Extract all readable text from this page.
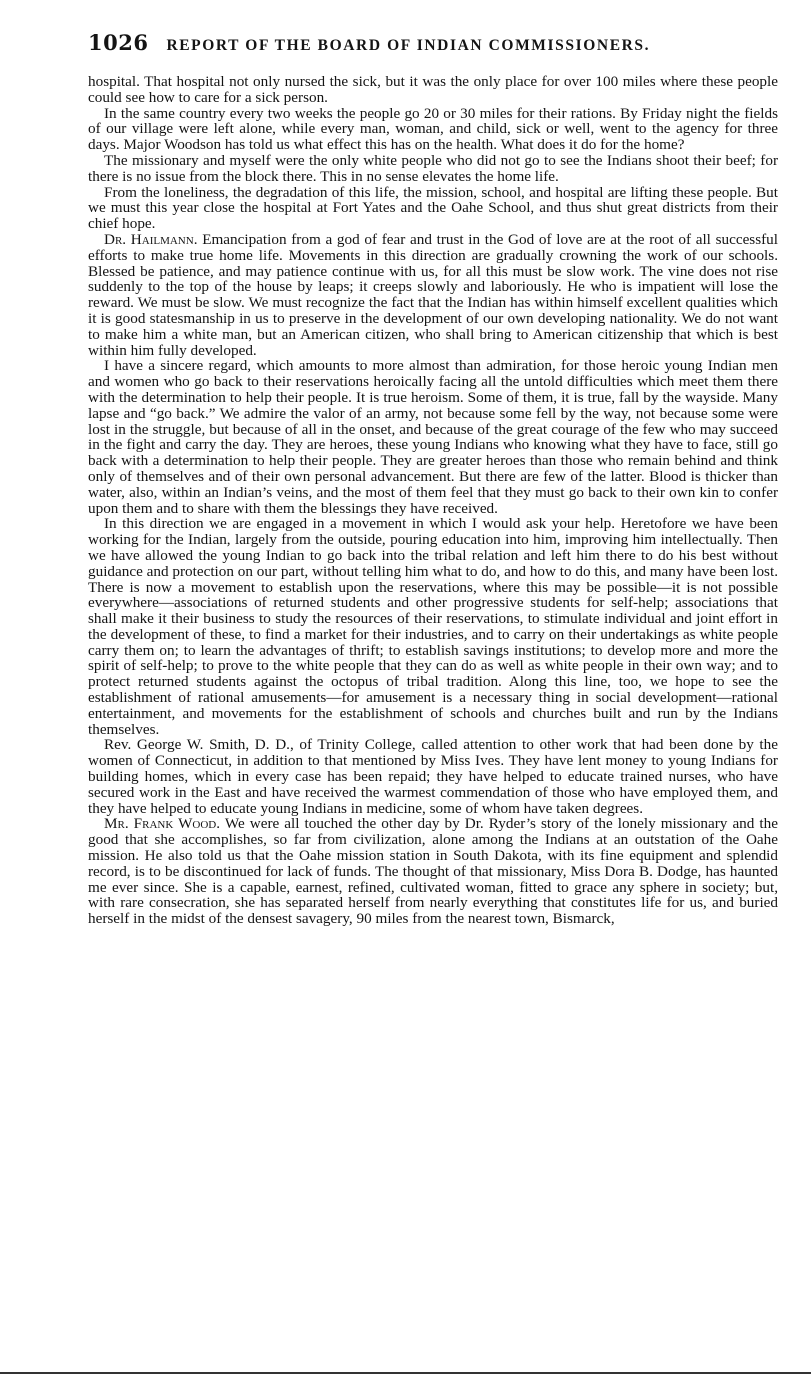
1026 REPORT OF THE BOARD OF INDIAN COMMISSIONERS.

hospital. That hospital not only nursed the sick, but it was the only place for over 100 miles where these people could see how to care for a sick person.

In the same country every two weeks the people go 20 or 30 miles for their rations. By Friday night the fields of our village were left alone, while every man, woman, and child, sick or well, went to the agency for three days. Major Woodson has told us what effect this has on the health. What does it do for the home?

The missionary and myself were the only white people who did not go to see the Indians shoot their beef; for there is no issue from the block there. This in no sense elevates the home life.

From the loneliness, the degradation of this life, the mission, school, and hospital are lifting these people. But we must this year close the hospital at Fort Yates and the Oahe School, and thus shut great districts from their chief hope.

Dr. Hailmann. Emancipation from a god of fear and trust in the God of love are at the root of all successful efforts to make true home life. Movements in this direction are gradually crowning the work of our schools. Blessed be patience, and may patience continue with us, for all this must be slow work. The vine does not rise suddenly to the top of the house by leaps; it creeps slowly and laboriously. He who is impatient will lose the reward. We must be slow. We must recognize the fact that the Indian has within himself excellent qualities which it is good statesmanship in us to preserve in the development of our own developing nationality. We do not want to make him a white man, but an American citizen, who shall bring to American citizenship that which is best within him fully developed.

I have a sincere regard, which amounts to more almost than admiration, for those heroic young Indian men and women who go back to their reservations heroically facing all the untold difficulties which meet them there with the determination to help their people. It is true heroism. Some of them, it is true, fall by the wayside. Many lapse and “go back.” We admire the valor of an army, not because some fell by the way, not because some were lost in the struggle, but because of all in the onset, and because of the great courage of the few who may succeed in the fight and carry the day. They are heroes, these young Indians who knowing what they have to face, still go back with a determination to help their people. They are greater heroes than those who remain behind and think only of themselves and of their own personal advancement. But there are few of the latter. Blood is thicker than water, also, within an Indian’s veins, and the most of them feel that they must go back to their own kin to confer upon them and to share with them the blessings they have received.

In this direction we are engaged in a movement in which I would ask your help. Heretofore we have been working for the Indian, largely from the outside, pouring education into him, improving him intellectually. Then we have allowed the young Indian to go back into the tribal relation and left him there to do his best without guidance and protection on our part, without telling him what to do, and how to do this, and many have been lost. There is now a movement to establish upon the reservations, where this may be possible—it is not possible everywhere—associations of returned students and other progressive students for self-help; associations that shall make it their business to study the resources of their reservations, to stimulate individual and joint effort in the development of these, to find a market for their industries, and to carry on their undertakings as white people carry them on; to learn the advantages of thrift; to establish savings institutions; to develop more and more the spirit of self-help; to prove to the white people that they can do as well as white people in their own way; and to protect returned students against the octopus of tribal tradition. Along this line, too, we hope to see the establishment of rational amusements—for amusement is a necessary thing in social development—rational entertainment, and movements for the establishment of schools and churches built and run by the Indians themselves.

Rev. George W. Smith, D. D., of Trinity College, called attention to other work that had been done by the women of Connecticut, in addition to that mentioned by Miss Ives. They have lent money to young Indians for building homes, which in every case has been repaid; they have helped to educate trained nurses, who have secured work in the East and have received the warmest commendation of those who have employed them, and they have helped to educate young Indians in medicine, some of whom have taken degrees.

Mr. Frank Wood. We were all touched the other day by Dr. Ryder’s story of the lonely missionary and the good that she accomplishes, so far from civilization, alone among the Indians at an outstation of the Oahe mission. He also told us that the Oahe mission station in South Dakota, with its fine equipment and splendid record, is to be discontinued for lack of funds. The thought of that missionary, Miss Dora B. Dodge, has haunted me ever since. She is a capable, earnest, refined, cultivated woman, fitted to grace any sphere in society; but, with rare consecration, she has separated herself from nearly everything that constitutes life for us, and buried herself in the midst of the densest savagery, 90 miles from the nearest town, Bismarck,
